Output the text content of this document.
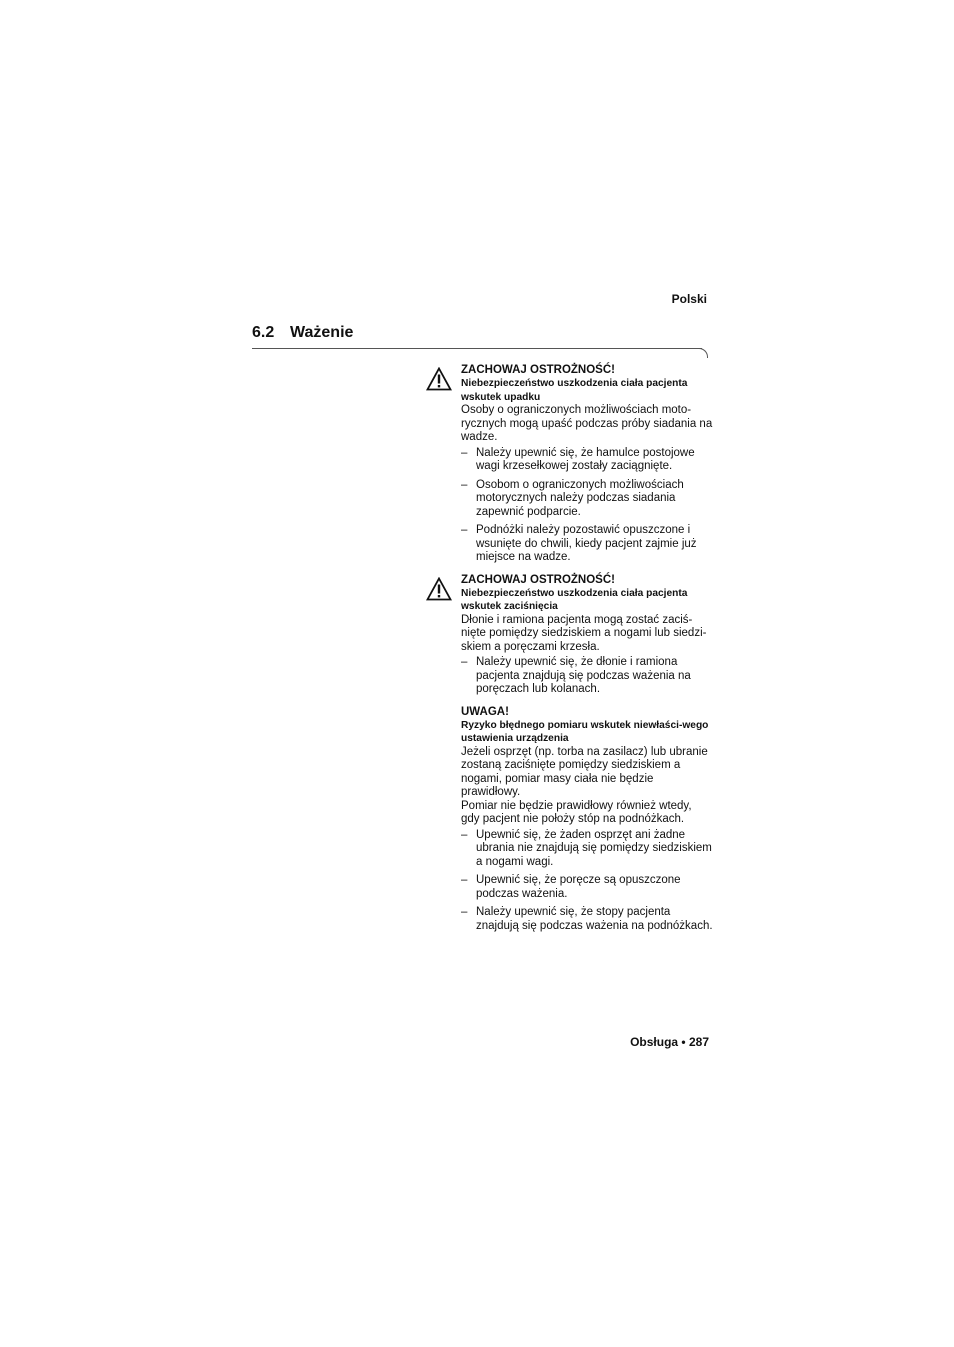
Polski
6.2 Ważenie
ZACHOWAJ OSTROŻNOŚĆ!
Niebezpieczeństwo uszkodzenia ciała pacjenta wskutek upadku

Osoby o ograniczonych możliwościach moto-rycznych mogą upaść podczas próby siadania na wadze.

– Należy upewnić się, że hamulce postojowe wagi krzesełkowej zostały zaciągnięte.
– Osobom o ograniczonych możliwościach motorycznych należy podczas siadania zapewnić podparcie.
– Podnóżki należy pozostawić opuszczone i wsunięte do chwili, kiedy pacjent zajmie już miejsce na wadze.
ZACHOWAJ OSTROŻNOŚĆ!
Niebezpieczeństwo uszkodzenia ciała pacjenta wskutek zaciśnięcia

Dłonie i ramiona pacjenta mogą zostać zaciś-nięte pomiędzy siedziskiem a nogami lub siedzi-skiem a poręczami krzesła.

– Należy upewnić się, że dłonie i ramiona pacjenta znajdują się podczas ważenia na poręczach lub kolanach.
UWAGA!
Ryzyko błędnego pomiaru wskutek niewłaści-wego ustawienia urządzenia

Jeżeli osprzęt (np. torba na zasilacz) lub ubranie zostaną zaciśnięte pomiędzy siedziskiem a nogami, pomiar masy ciała nie będzie prawidłowy.

Pomiar nie będzie prawidłowy również wtedy, gdy pacjent nie położy stóp na podnóżkach.

– Upewnić się, że żaden osprzęt ani żadne ubrania nie znajdują się pomiędzy siedziskiem a nogami wagi.
– Upewnić się, że poręcze są opuszczone podczas ważenia.
– Należy upewnić się, że stopy pacjenta znajdują się podczas ważenia na podnóżkach.
Obsługa • 287
